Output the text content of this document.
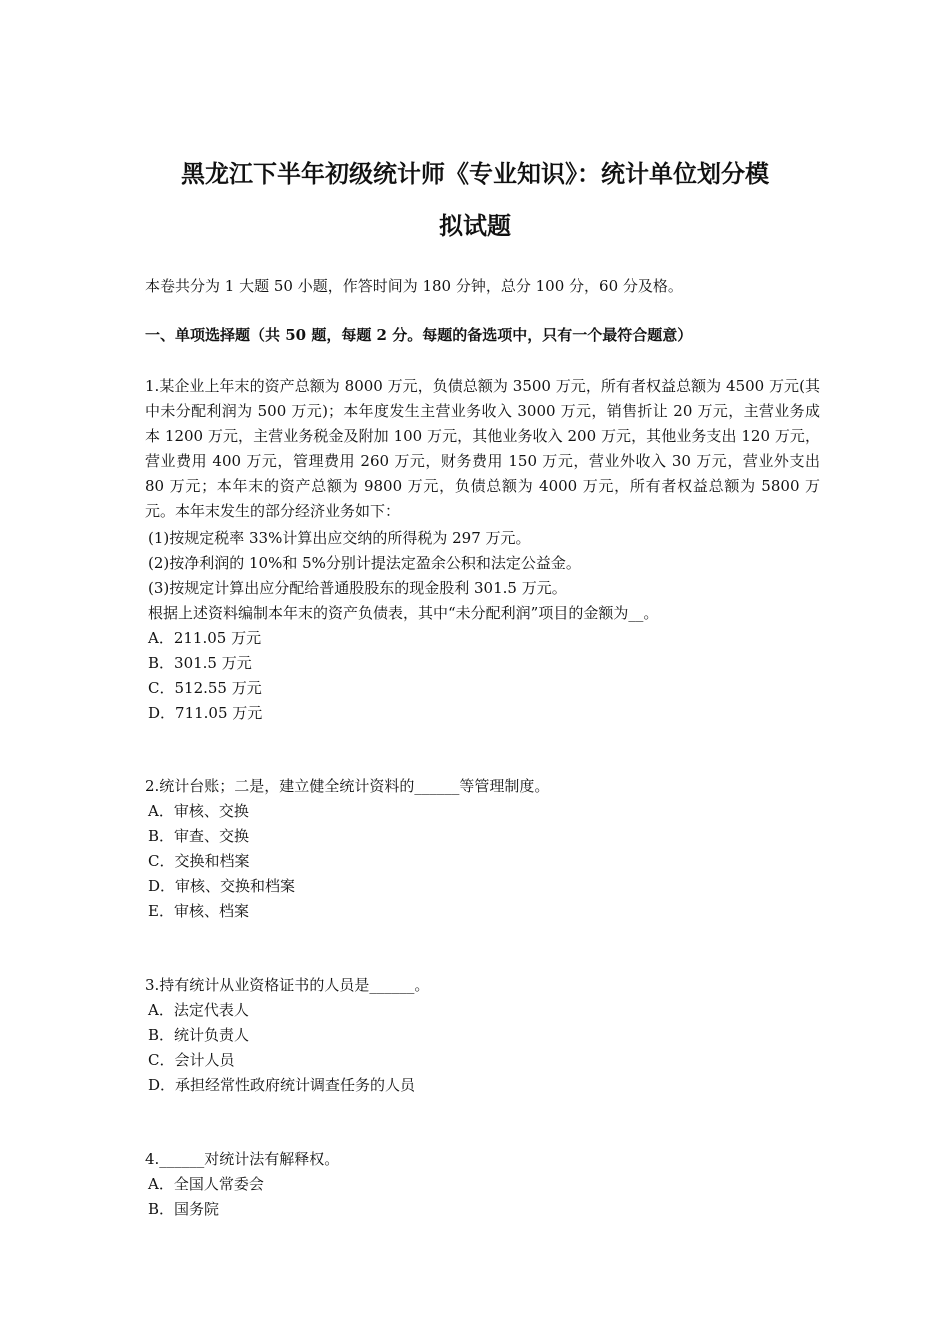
黑龙江下半年初级统计师《专业知识》：统计单位划分模
拟试题
本卷共分为 1 大题 50 小题，作答时间为 180 分钟，总分 100 分，60 分及格。
一、单项选择题（共 50 题，每题 2 分。每题的备选项中，只有一个最符合题意）
1.某企业上年末的资产总额为 8000 万元，负债总额为 3500 万元，所有者权益总额为 4500 万元(其中未分配利润为 500 万元)；本年度发生主营业务收入 3000 万元，销售折让 20 万元，主营业务成本 1200 万元，主营业务税金及附加 100 万元，其他业务收入 200 万元，其他业务支出 120 万元，营业费用 400 万元，管理费用 260 万元，财务费用 150 万元，营业外收入 30 万元，营业外支出 80 万元；本年末的资产总额为 9800 万元，负债总额为 4000 万元，所有者权益总额为 5800 万元。本年末发生的部分经济业务如下：
(1)按规定税率 33%计算出应交纳的所得税为 297 万元。
(2)按净利润的 10%和 5%分别计提法定盈余公积和法定公益金。
(3)按规定计算出应分配给普通股股东的现金股利 301.5 万元。
根据上述资料编制本年末的资产负债表，其中“未分配利润”项目的金额为__。
A．211.05 万元
B．301.5 万元
C．512.55 万元
D．711.05 万元
2.统计台账；二是，建立健全统计资料的______等管理制度。
A．审核、交换
B．审查、交换
C．交换和档案
D．审核、交换和档案
E．审核、档案
3.持有统计从业资格证书的人员是______。
A．法定代表人
B．统计负责人
C．会计人员
D．承担经常性政府统计调查任务的人员
4.______对统计法有解释权。
A．全国人常委会
B．国务院
